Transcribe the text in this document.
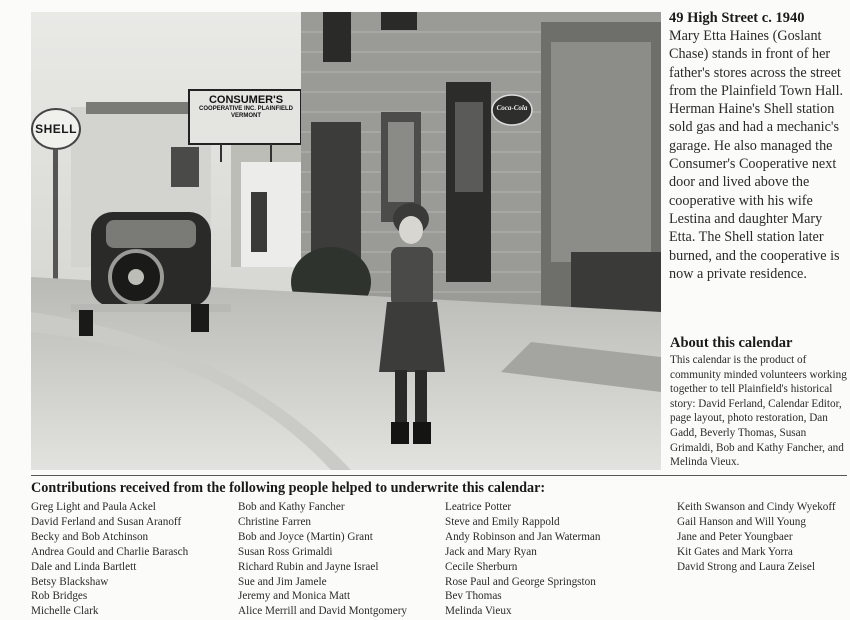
SHELL
CONSUMER'S
COOPERATIVE INC. PLAINFIELD VERMONT
Coca-Cola
49 High Street c. 1940

Mary Etta Haines (Goslant Chase) stands in front of her father's stores across the street from the Plainfield Town Hall. Herman Haine's Shell station sold gas and had a mechanic's garage. He also managed the Consumer's Cooperative next door and lived above the cooperative with his wife Lestina and daughter Mary Etta. The Shell station later burned, and the cooperative is now a private residence.

About this calendar

This calendar is the product of community minded volunteers working together to tell Plainfield's historical story: David Ferland, Calendar Editor, page layout, photo restoration, Dan Gadd, Beverly Thomas, Susan Grimaldi, Bob and Kathy Fancher, and Melinda Vieux.

Contributions received from the following people helped to underwrite this calendar:
Greg Light and Paula Ackel
David Ferland and Susan Aranoff
Becky and Bob Atchinson
Andrea Gould and Charlie Barasch
Dale and Linda Bartlett
Betsy Blackshaw
Rob Bridges
Michelle Clark
Bob and Kathy Fancher
Christine Farren
Bob and Joyce (Martin) Grant
Susan Ross Grimaldi
Richard Rubin and Jayne Israel
Sue and Jim Jamele
Jeremy and Monica Matt
Alice Merrill and David Montgomery
Leatrice Potter
Steve and Emily Rappold
Andy Robinson and Jan Waterman
Jack and Mary Ryan
Cecile Sherburn
Rose Paul and George Springston
Bev Thomas
Melinda Vieux
Keith Swanson and Cindy Wyekoff
Gail Hanson and Will Young
Jane and Peter Youngbaer
Kit Gates and Mark Yorra
David Strong and Laura Zeisel
